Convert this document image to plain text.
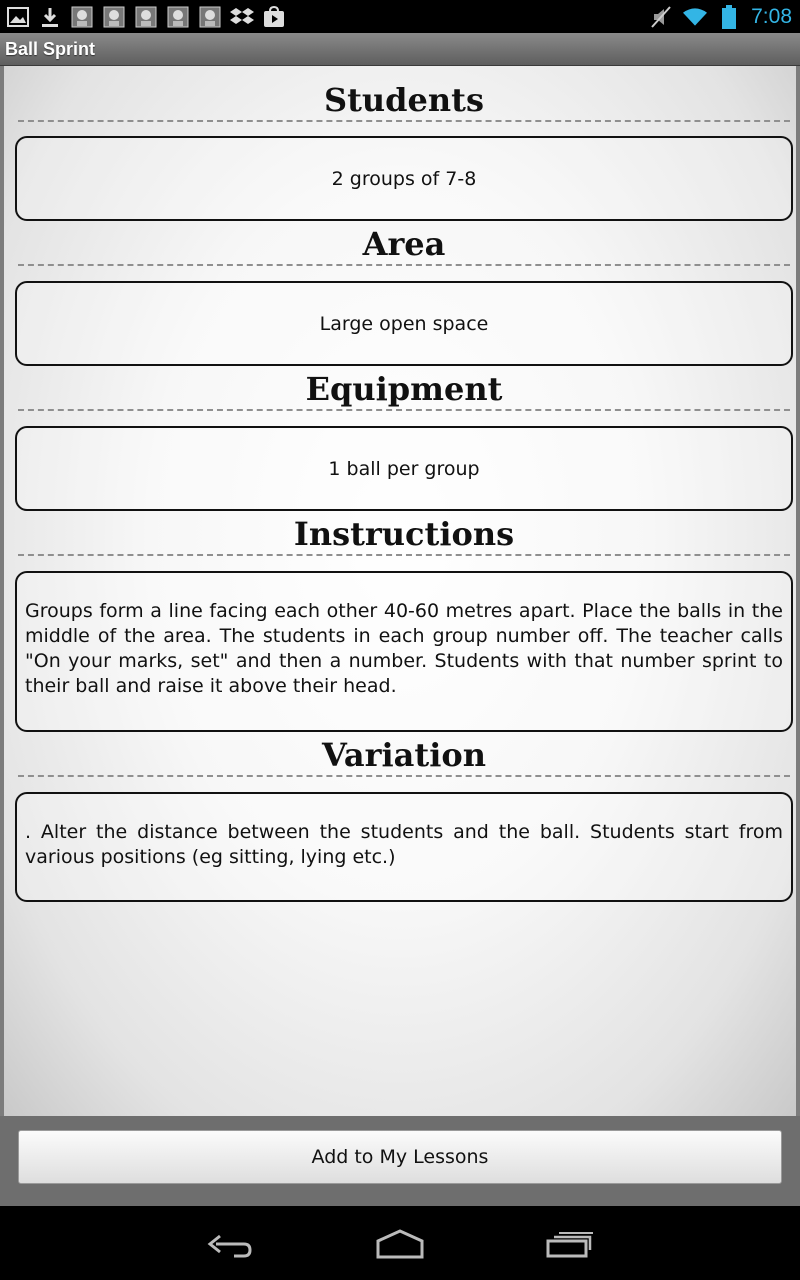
7:08
Ball Sprint
Students
2 groups of 7-8
Area
Large open space
Equipment
1 ball per group
Instructions
Groups form a line facing each other 40-60 metres apart. Place the balls in the middle of the area. The students in each group number off. The teacher calls "On your marks, set" and then a number. Students with that number sprint to their ball and raise it above their head.
Variation
. Alter the distance between the students and the ball. Students start from various positions (eg sitting, lying etc.)
Add to My Lessons
